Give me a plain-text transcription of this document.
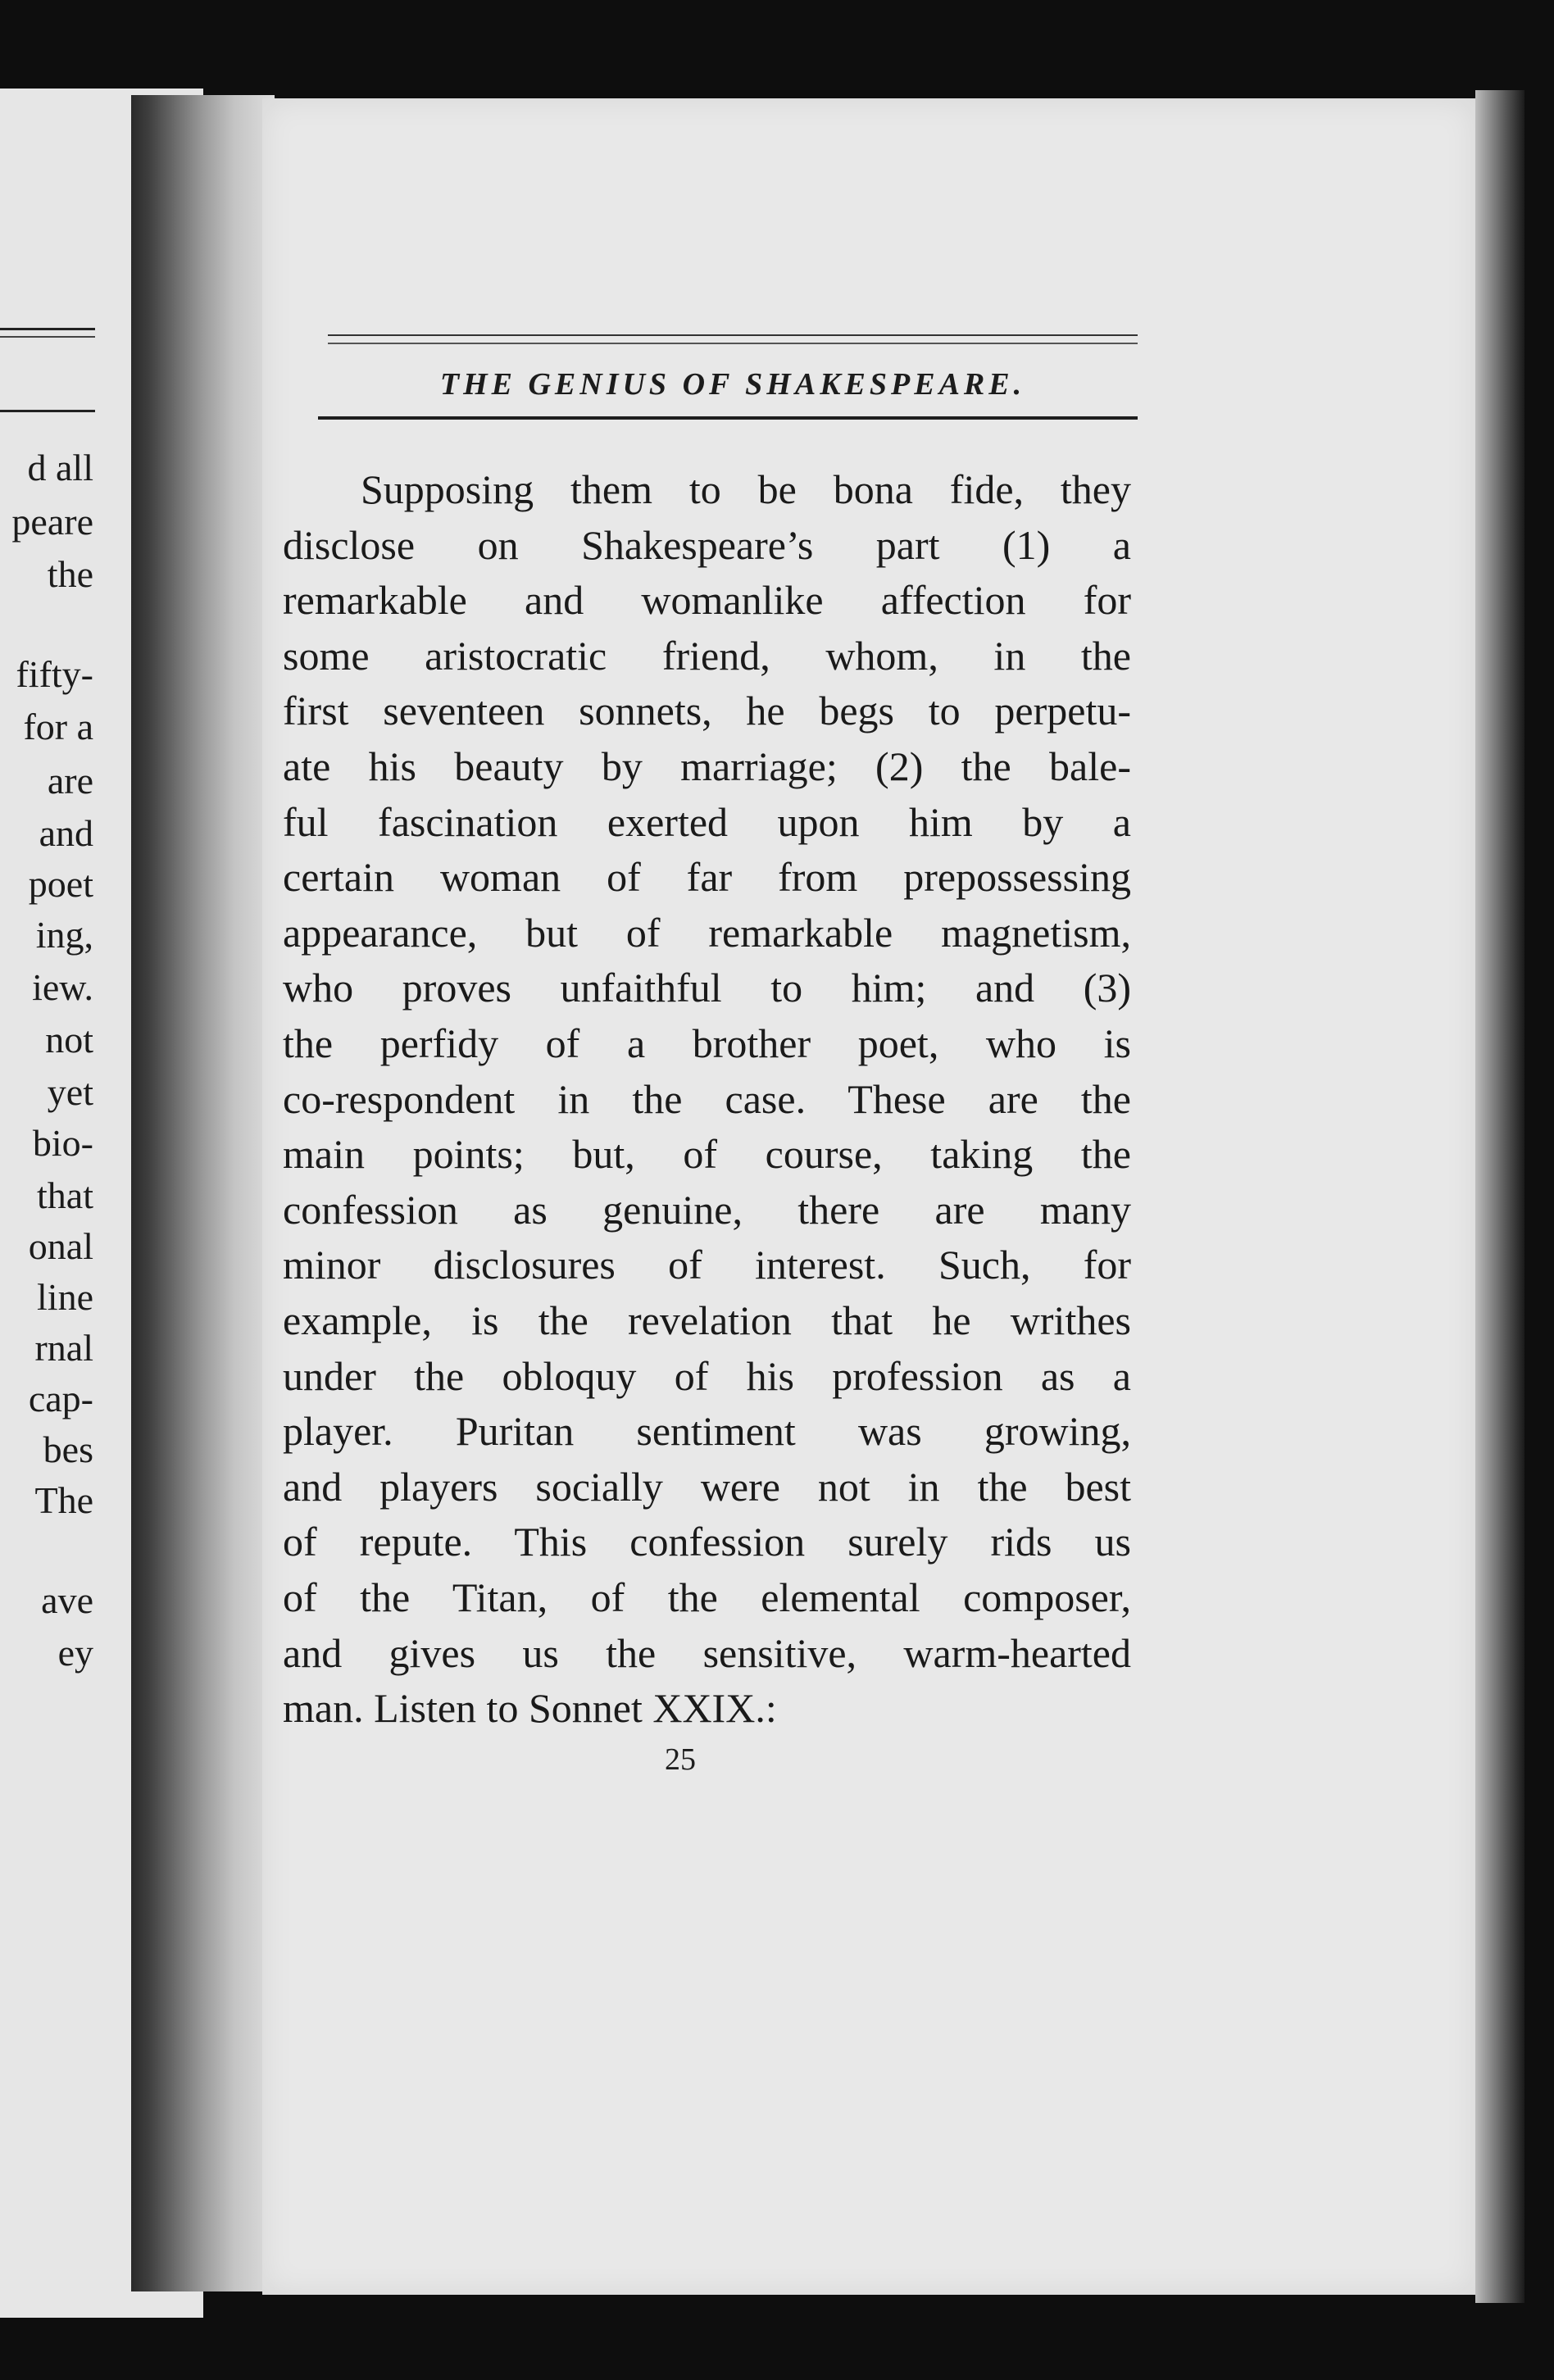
d all
peare
the
fifty-
for a
are
and
poet
ing,
iew.
not
yet
bio-
that
onal
line
rnal
cap-
bes
The
ave
ey
THE GENIUS OF SHAKESPEARE.
Supposing them to be bona fide, they
disclose on Shakespeare’s part (1) a
remarkable and womanlike affection for
some aristocratic friend, whom, in the
first seventeen sonnets, he begs to perpetu-
ate his beauty by marriage; (2) the bale-
ful fascination exerted upon him by a
certain woman of far from prepossessing
appearance, but of remarkable magnetism,
who proves unfaithful to him; and (3)
the perfidy of a brother poet, who is
co-respondent in the case. These are the
main points; but, of course, taking the
confession as genuine, there are many
minor disclosures of interest. Such, for
example, is the revelation that he writhes
under the obloquy of his profession as a
player. Puritan sentiment was growing,
and players socially were not in the best
of repute. This confession surely rids us
of the Titan, of the elemental composer,
and gives us the sensitive, warm-hearted
man. Listen to Sonnet XXIX.:
25
